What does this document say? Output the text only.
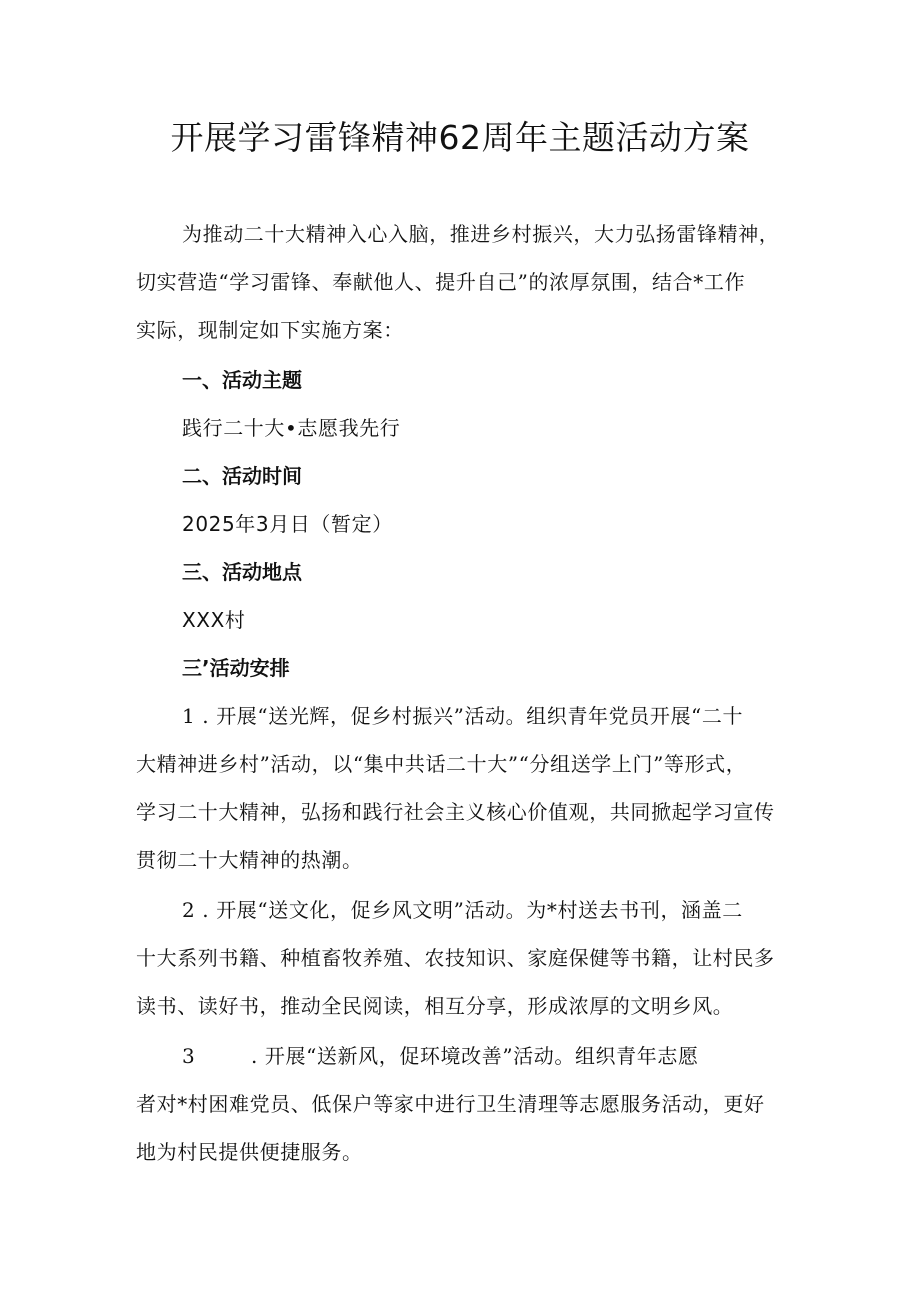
开展学习雷锋精神62周年主题活动方案
为推动二十大精神入心入脑，推进乡村振兴，大力弘扬雷锋精神，
切实营造“学习雷锋、奉献他人、提升自己”的浓厚氛围，结合*工作
实际，现制定如下实施方案：
一、活动主题
践行二十大•志愿我先行
二、活动时间
2025年3月日（暂定）
三、活动地点
XXX村
三’活动安排
1 . 开展“送光辉，促乡村振兴”活动。组织青年党员开展“二十
大精神进乡村”活动，以“集中共话二十大”“分组送学上门”等形式，
学习二十大精神，弘扬和践行社会主义核心价值观，共同掀起学习宣传
贯彻二十大精神的热潮。
2 . 开展“送文化，促乡风文明”活动。为*村送去书刊，涵盖二
十大系列书籍、种植畜牧养殖、农技知识、家庭保健等书籍，让村民多
读书、读好书，推动全民阅读，相互分享，形成浓厚的文明乡风。
3        . 开展“送新风，促环境改善”活动。组织青年志愿
者对*村困难党员、低保户等家中进行卫生清理等志愿服务活动，更好
地为村民提供便捷服务。
